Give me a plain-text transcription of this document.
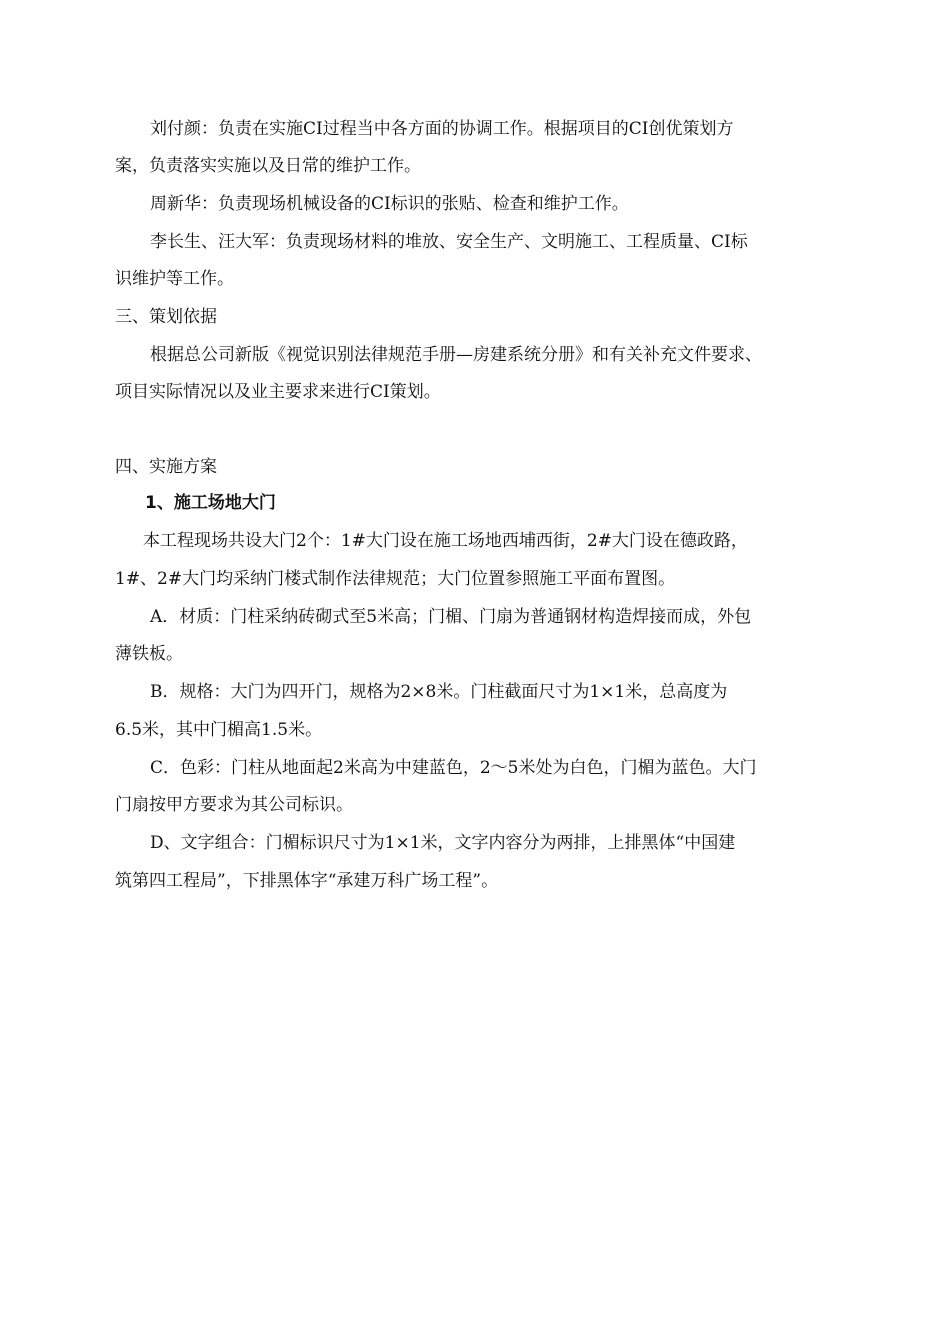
刘付颜：负责在实施CI过程当中各方面的协调工作。根据项目的CI创优策划方
案，负责落实实施以及日常的维护工作。
周新华：负责现场机械设备的CI标识的张贴、检查和维护工作。
李长生、汪大军：负责现场材料的堆放、安全生产、文明施工、工程质量、CI标
识维护等工作。
三、策划依据
根据总公司新版《视觉识别法律规范手册—房建系统分册》和有关补充文件要求、
项目实际情况以及业主要求来进行CI策划。
四、实施方案
1、施工场地大门
本工程现场共设大门2个：1#大门设在施工场地西埔西街，2#大门设在德政路，
1#、2#大门均采纳门楼式制作法律规范；大门位置参照施工平面布置图。
A．材质：门柱采纳砖砌式至5米高；门楣、门扇为普通钢材构造焊接而成，外包
薄铁板。
B．规格：大门为四开门，规格为2×8米。门柱截面尺寸为1×1米，总高度为
6.5米，其中门楣高1.5米。
C．色彩：门柱从地面起2米高为中建蓝色，2～5米处为白色，门楣为蓝色。大门
门扇按甲方要求为其公司标识。
D、文字组合：门楣标识尺寸为1×1米，文字内容分为两排，上排黑体“中国建
筑第四工程局”，下排黑体字“承建万科广场工程”。
